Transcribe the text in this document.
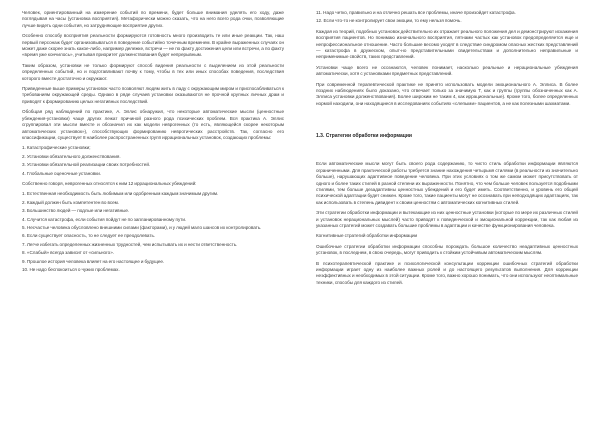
Человек, ориентированный на измерение событий по времени, будет больше внимания уделять его ходу, даже поглядывая на часы (установка восприятия). Метафорически можно сказать, что на него всего рода очки, позволяющие лучше видеть одни события, но затрудняющие восприятие других.

Особенно способу восприятия реальности формируются готовность много производить те или иные реакции. Так, наш первый персонаж будет организовываться в поведение событийно точечным временем. В крайне выраженных случаях он может даже скорее знать какое-либо, например дележке, встречи — не по факту достижения цели или встречи, а по факту «время уже кончилось», учитывая приоритет долженствования будет непрерывным.

Таким образом, установки не только формируют способ видения реальности с выделением из этой реальности определенных событий, но и подготавливают почву к тому, чтобы в тех или иных способах поведения, последствия которого вместе достаточно и окружают.

Приведенные выше примеры установок часто позволяют людям жить в ладу с окружающим миром и приспосабливаться к требованиям окружающей среды. Однако в ряде случаев установки оказываются не прочной крупных личных драм и приводят к формированию целых негативных последствий.

Обобщая ряд наблюдений по практике, А. Эллис обнаружил, что некоторые автоматические мысли (ценностные убеждения-установки) чаще других лежат причиной разного рода психических проблем. Вся практика А. Эллис сгруппировал эти мысли вместе и обозначил их как модели неврогенных (то есть, являющейся скорее некоторым автоматических установок»), способствующих формированию невротических расстройств. Так, согласно его классификации, существует 8 наиболее распространенных групп иррациональных установок, создающих проблемы:

1. Катастрофические установки;

2. Установки обязательного долженствования.

3. Установки обязательной реализации своих потребностей.

4. Глобальные оценочные установки.

Собственно говоря, неврогенных относятся к ним 12 иррациональных убеждений:

1. Естественная необходимость быть любимым или одобренным каждым значимым другим.

2. Каждый должен быть компетентен во всем.

3. Большинство людей — подлые или негативные.

4. Случится катастрофа, если события пойдут не по запланированному пути.

5. Несчастье человека обусловлено внешними силами (факторами), и у людей мало шансов их контролировать.

6. Если существует опасность, то не следует ее преодолевать.

7. Легче избегать определенных жизненных трудностей, чем испытывать их и нести ответственность.

8. «Слабый» всегда зависит от «сильного».

9. Прошлое история человека влияет на его настоящее и будущее.

10. Не надо беспокоиться о чужих проблемах.

11. Надо четко, правильно и на отлично решать все проблемы, иначе произойдет катастрофа.

12. Если что-то не контролирует свои эмоции, то ему нельзя помочь.

Каждая из теорий, подобных установок действительно их отражает реального положения дел и демонстрируют искажения восприятия пациентов. Но понимаю изначального восприятия, пятнами частых как установок предопределяется еще и непрофессиональное отношение. Часто большие весомо уходят в следствие синдромом опасных жестких представлений — катастрофа в дружеском, опыт-но представительными свидетельствам и дополнительно неправильные и неприменимые свойств, таких представлений.

Установки чаще всего не осознаются, человек понимает, насколько реальные и нерациональные убеждения автоматически, хотя с установками предметных представлений.

При современной терапевтической практике не принято использовать модели эмоционального А. Эллиса. В более поздних наблюдениях было доказано, что отвечает только за значимую Т, как и группы (группы обозначенных как А. Эллиса установки долженствования). Более широким не таким 4, как иррациональные). Кроме того, более определенных нормой находили, они находящиеся в исследованиях событиях «слепыми» пациентов, а не как полезными шахматами.

1.3. Стратегии обработки информации

Если автоматические мысли могут быть своего рода содержанию, то чисто стиль обработки информации являются ограниченными. Для практической работы требуется знание нахождения четырьмя стилями (в реальности из значительно больше), нарушающих адаптивное поведение человека. При этих условиях о том же самом может присутствовать от одного и более таких стилей в разной степени их выраженности. Понятно, что чем больше человек пользуется подобными стилями, тем больше дезадаптивны ценностных убеждений и его будет иметь. Соответственно, и уровень его общей психической адаптации будет снижен. Кроме того, такие пациенты могут не осознавать при неподходящих адаптациях, так как использовать в степень дивидент к своим ценностям с автоматических когнитивных стилей.

Эти стратегии обработки информации и вытекающие из них ценностные установки (которые по мере их различных стилей и установок нерациональных мыслей) часто приводят к поведенческой и эмоциональной коррекции, так как любая из указанных стратегий может создавать большие проблемы в адаптации и качестве функционирования человека.

Когнитивные стратегий обработки информации

Ошибочные стратегии обработки информации способны порождать большое количество неадаптивных ценностных установок, в последнем, в свою очередь, могут приводить к стойким устойчивым автоматическим мыслям.

В психотерапевтической практике и психологической консультации коррекции ошибочных стратегий обработки информации играет одну из наиболее важных ролей и до настоящего результатов выполнения. Для коррекции неэффективных и необходимых в этой ситуации. Кроме того, важно хорошо понимать, что они используют неоптимальные техники, способы для каждого из стилей.
